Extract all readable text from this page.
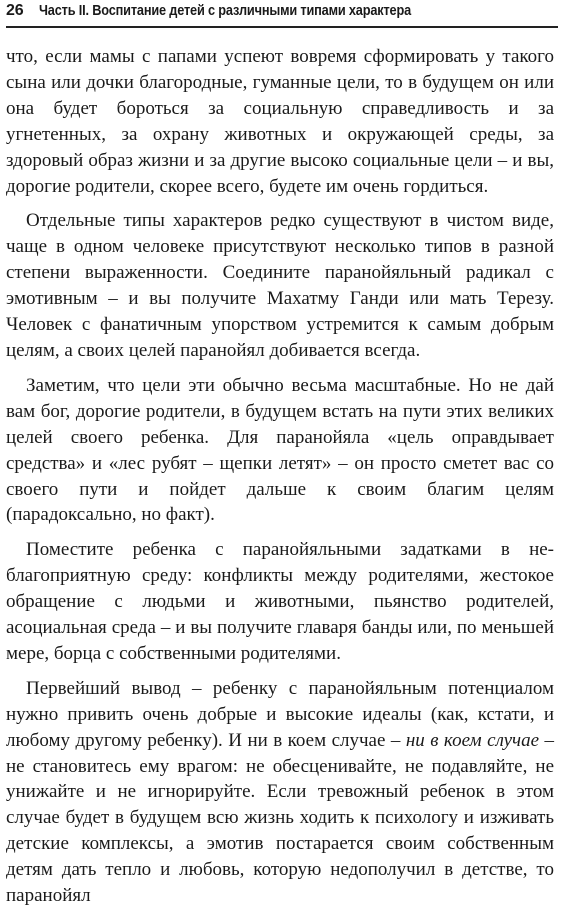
26 Часть II. Воспитание детей с различными типами характера

что, если мамы с папами успеют вовремя сформировать у такого сына или дочки благородные, гуманные цели, то в будущем он или она будет бороться за социальную справедливость и за угнетенных, за охрану животных и окружающей среды, за здоровый образ жизни и за другие высоко социальные цели – и вы, дорогие родители, скорее всего, будете им очень гордиться.

Отдельные типы характеров редко существуют в чистом виде, чаще в одном человеке присутствуют несколько типов в разной степени выраженности. Соедините паранойяльный радикал с эмотивным – и вы получите Махатму Ганди или мать Терезу. Человек с фанатичным упорством устремится к самым добрым целям, а своих целей паранойял добивается всегда.

Заметим, что цели эти обычно весьма масштабные. Но не дай вам бог, дорогие родители, в будущем встать на пути этих великих целей своего ребенка. Для паранойяла «цель оправдывает средства» и «лес рубят – щепки летят» – он просто сметет вас со своего пути и пойдет дальше к своим благим целям (парадоксально, но факт).

Поместите ребенка с паранойяльными задатками в неблагоприятную среду: конфликты между родителями, жестокое обращение с людьми и животными, пьянство родителей, асоциальная среда – и вы получите главаря банды или, по меньшей мере, борца с собственными родителями.

Первейший вывод – ребенку с паранойяльным потенциалом нужно привить очень добрые и высокие идеалы (как, кстати, и любому другому ребенку). И ни в коем случае – ни в коем случае – не становитесь ему врагом: не обесценивайте, не подавляйте, не унижайте и не игнорируйте. Если тревожный ребенок в этом случае будет в будущем всю жизнь ходить к психологу и изживать детские комплексы, а эмотив постарается своим собственным детям дать тепло и любовь, которую недополучил в детстве, то паранойял
